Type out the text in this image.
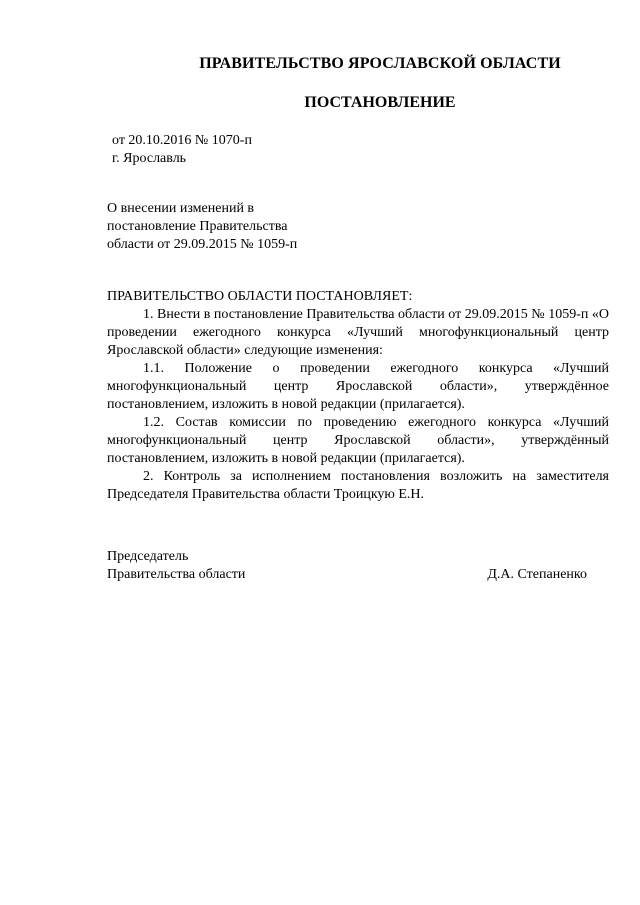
ПРАВИТЕЛЬСТВО ЯРОСЛАВСКОЙ ОБЛАСТИ
ПОСТАНОВЛЕНИЕ
от 20.10.2016 № 1070-п
г. Ярославль
О внесении изменений в
постановление Правительства
области от 29.09.2015 № 1059-п

ПРАВИТЕЛЬСТВО ОБЛАСТИ ПОСТАНОВЛЯЕТ:

1. Внести в постановление Правительства области от 29.09.2015 № 1059-п «О проведении ежегодного конкурса «Лучший многофункциональный центр Ярославской области» следующие изменения:

1.1. Положение о проведении ежегодного конкурса «Лучший многофункциональный центр Ярославской области», утверждённое постановлением, изложить в новой редакции (прилагается).

1.2. Состав комиссии по проведению ежегодного конкурса «Лучший многофункциональный центр Ярославской области», утверждённый постановлением, изложить в новой редакции (прилагается).

2. Контроль за исполнением постановления возложить на заместителя Председателя Правительства области Троицкую Е.Н.

Председатель
Правительства области	Д.А. Степаненко
